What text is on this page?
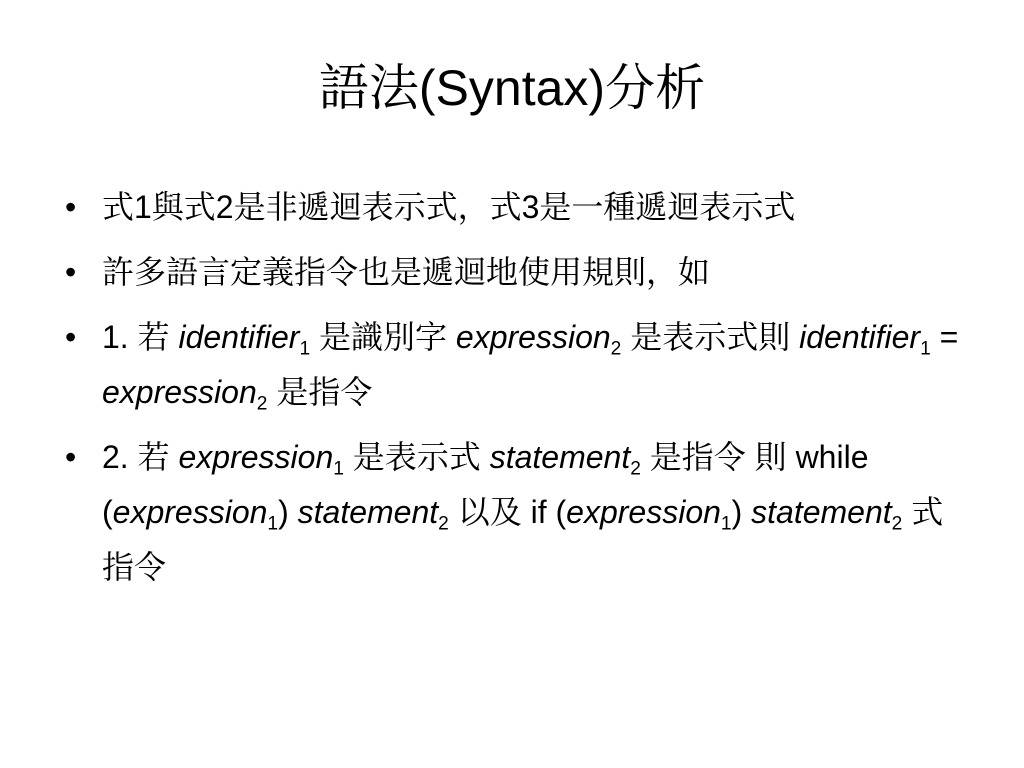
語法(Syntax)分析
• 式1與式2是非遞迴表示式，式3是一種遞迴表示式
• 許多語言定義指令也是遞迴地使用規則，如
• 1. 若 identifier$_1$ 是識別字 expression$_2$ 是表示式則 identifier$_1$ = expression$_2$ 是指令
• 2. 若 expression$_1$ 是表示式 statement$_2$ 是指令 則 while (expression$_1$) statement$_2$ 以及 if (expression$_1$) statement$_2$ 式指令
